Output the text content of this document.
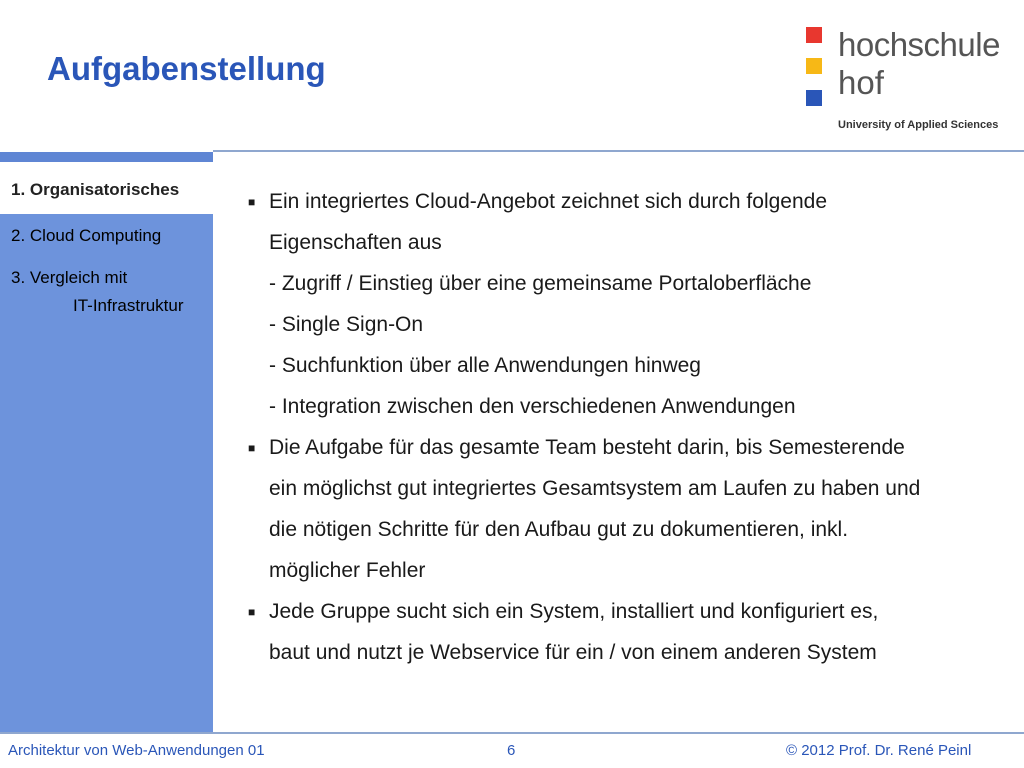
Aufgabenstellung
hochschule
hof
University of Applied Sciences
1. Organisatorisches
2. Cloud Computing
3. Vergleich mit
IT-Infrastruktur
■ Ein integriertes Cloud-Angebot zeichnet sich durch folgende
Eigenschaften aus
- Zugriff / Einstieg über eine gemeinsame Portaloberfläche
- Single Sign-On
- Suchfunktion über alle Anwendungen hinweg
- Integration zwischen den verschiedenen Anwendungen
■ Die Aufgabe für das gesamte Team besteht darin, bis Semesterende
ein möglichst gut integriertes Gesamtsystem am Laufen zu haben und
die nötigen Schritte für den Aufbau gut zu dokumentieren, inkl.
möglicher Fehler
■ Jede Gruppe sucht sich ein System, installiert und konfiguriert es,
baut und nutzt je Webservice für ein / von einem anderen System
Architektur von Web-Anwendungen 01	6	© 2012 Prof. Dr. René Peinl
